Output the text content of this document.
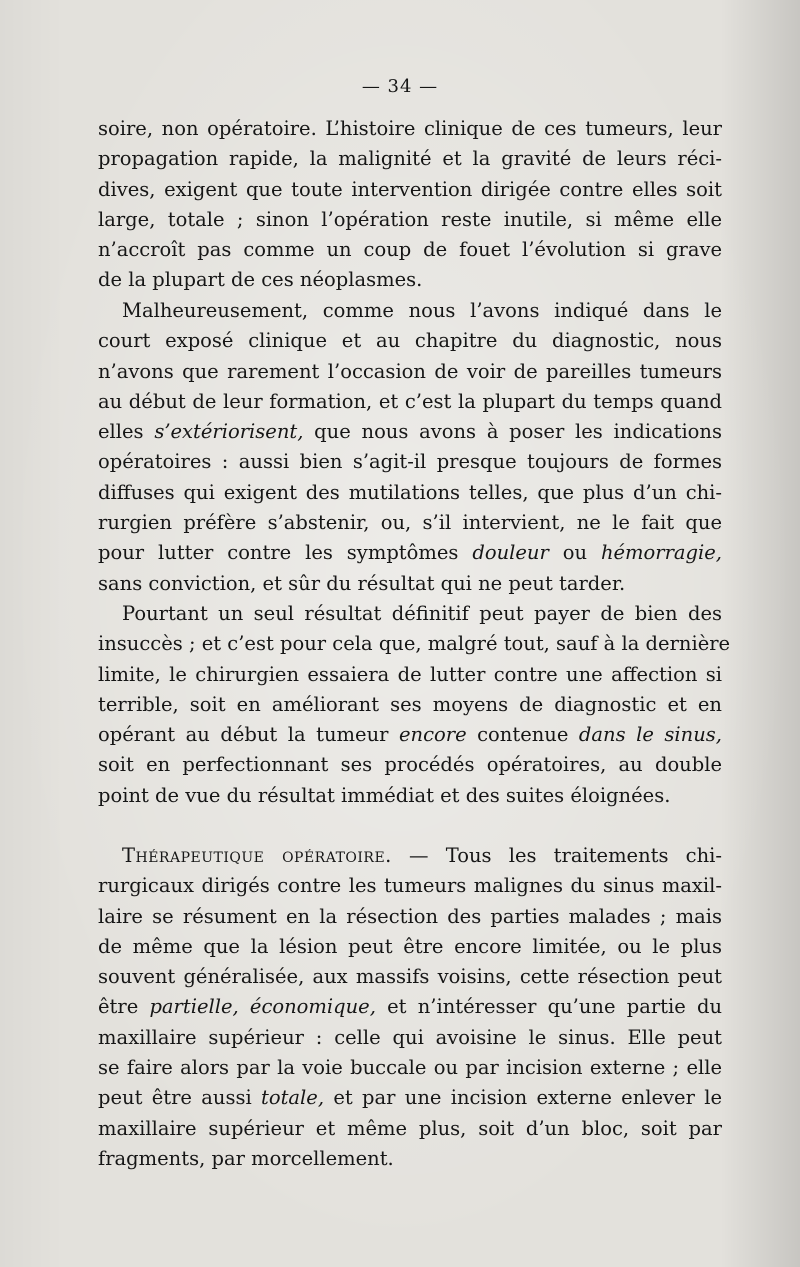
— 34 —
soire, non opératoire. L’histoire clinique de ces tumeurs, leur
propagation rapide, la malignité et la gravité de leurs réci-
dives, exigent que toute intervention dirigée contre elles soit
large, totale ; sinon l’opération reste inutile, si même elle
n’accroît pas comme un coup de fouet l’évolution si grave
de la plupart de ces néoplasmes.
Malheureusement, comme nous l’avons indiqué dans le
court exposé clinique et au chapitre du diagnostic, nous
n’avons que rarement l’occasion de voir de pareilles tumeurs
au début de leur formation, et c’est la plupart du temps quand
elles s’extériorisent, que nous avons à poser les indications
opératoires : aussi bien s’agit-il presque toujours de formes
diffuses qui exigent des mutilations telles, que plus d’un chi-
rurgien préfère s’abstenir, ou, s’il intervient, ne le fait que
pour lutter contre les symptômes douleur ou hémorragie,
sans conviction, et sûr du résultat qui ne peut tarder.
Pourtant un seul résultat définitif peut payer de bien des
insuccès ; et c’est pour cela que, malgré tout, sauf à la dernière
limite, le chirurgien essaiera de lutter contre une affection si
terrible, soit en améliorant ses moyens de diagnostic et en
opérant au début la tumeur encore contenue dans le sinus,
soit en perfectionnant ses procédés opératoires, au double
point de vue du résultat immédiat et des suites éloignées.
Thérapeutique opératoire. — Tous les traitements chi-
rurgicaux dirigés contre les tumeurs malignes du sinus maxil-
laire se résument en la résection des parties malades ; mais
de même que la lésion peut être encore limitée, ou le plus
souvent généralisée, aux massifs voisins, cette résection peut
être partielle, économique, et n’intéresser qu’une partie du
maxillaire supérieur : celle qui avoisine le sinus. Elle peut
se faire alors par la voie buccale ou par incision externe ; elle
peut être aussi totale, et par une incision externe enlever le
maxillaire supérieur et même plus, soit d’un bloc, soit par
fragments, par morcellement.
